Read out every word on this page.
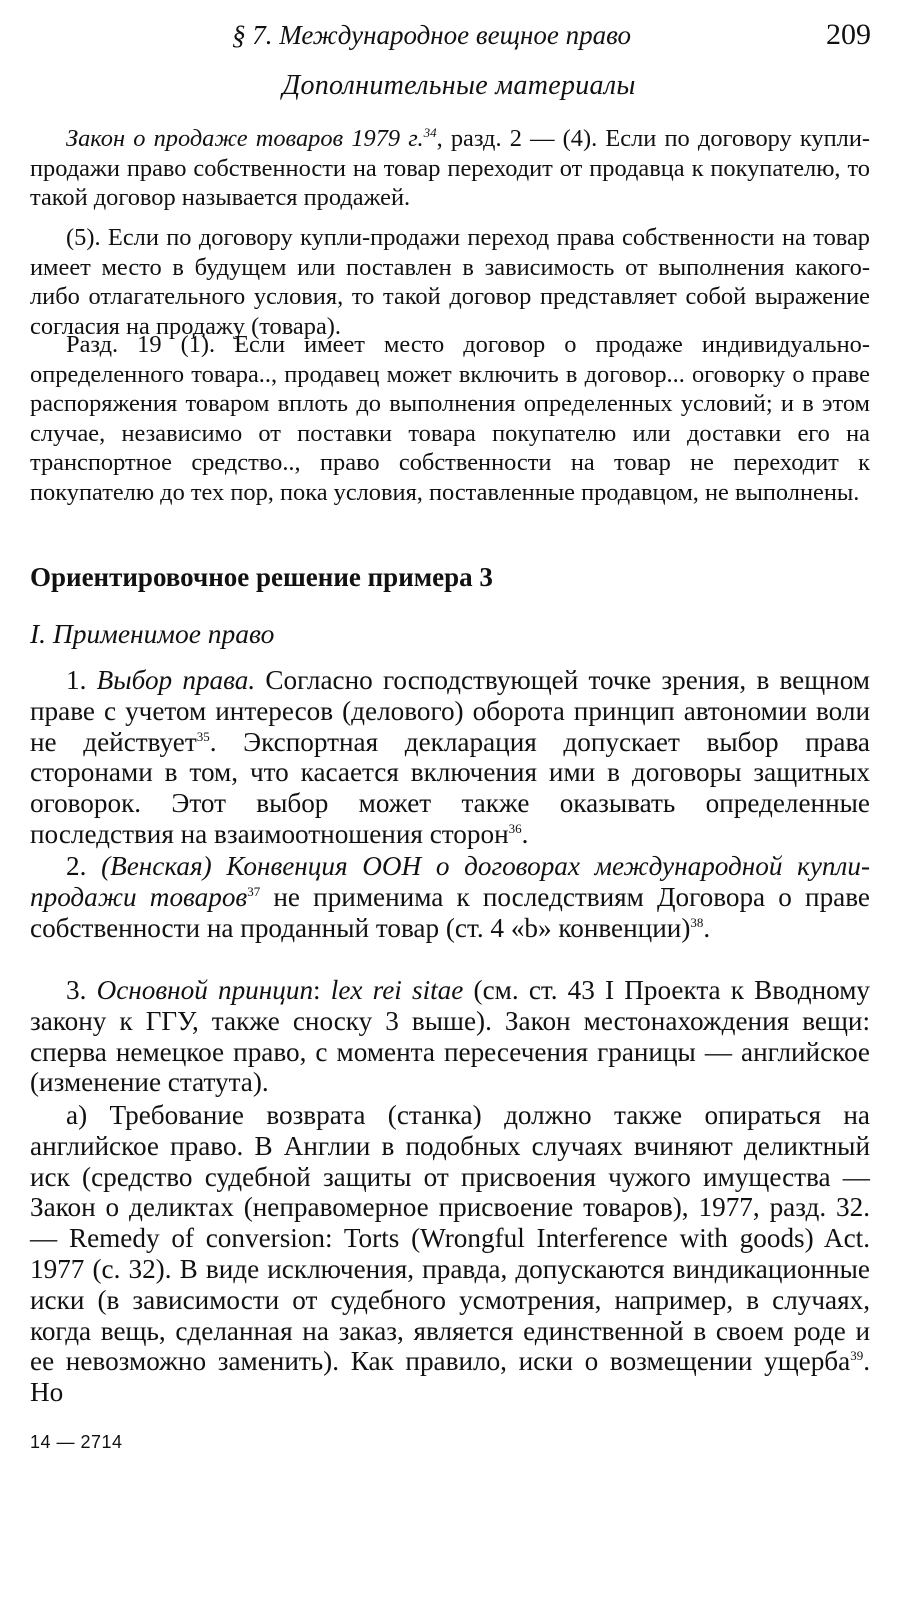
§ 7. Международное вещное право	209
Дополнительные материалы

Закон о продаже товаров 1979 г.$^{34}$, разд. 2 — (4). Если по договору купли-продажи право собственности на товар переходит от продавца к покупателю, то такой договор называется продажей.

(5). Если по договору купли-продажи переход права собственности на товар имеет место в будущем или поставлен в зависимость от выполнения какого-либо отлагательного условия, то такой договор представляет собой выражение согласия на продажу (товара).

Разд. 19 (1). Если имеет место договор о продаже индивидуально-определенного товара.., продавец может включить в договор... оговорку о праве распоряжения товаром вплоть до выполнения определенных условий; и в этом случае, независимо от поставки товара покупателю или доставки его на транспортное средство.., право собственности на товар не переходит к покупателю до тех пор, пока условия, поставленные продавцом, не выполнены.

Ориентировочное решение примера 3
I. Применимое право

1. Выбор права. Согласно господствующей точке зрения, в вещном праве с учетом интересов (делового) оборота принцип автономии воли не действует$^{35}$. Экспортная декларация допускает выбор права сторонами в том, что касается включения ими в договоры защитных оговорок. Этот выбор может также оказывать определенные последствия на взаимоотношения сторон$^{36}$.

2. (Венская) Конвенция ООН о договорах международной купли-продажи товаров$^{37}$ не применима к последствиям Договора о праве собственности на проданный товар (ст. 4 «b» конвенции)$^{38}$.

3. Основной принцип: lex rei sitae (см. ст. 43 I Проекта к Вводному закону к ГГУ, также сноску 3 выше). Закон местонахождения вещи: сперва немецкое право, с момента пересечения границы — английское (изменение статута).

а) Требование возврата (станка) должно также опираться на английское право. В Англии в подобных случаях вчиняют деликтный иск (средство судебной защиты от присвоения чужого имущества — Закон о деликтах (неправомерное присвоение товаров), 1977, разд. 32. — Remedy of conversion: Torts (Wrongful Interference with goods) Act. 1977 (с. 32). В виде исключения, правда, допускаются виндикационные иски (в зависимости от судебного усмотрения, например, в случаях, когда вещь, сделанная на заказ, является единственной в своем роде и ее невозможно заменить). Как правило, иски о возмещении ущерба$^{39}$. Но

14 — 2714
